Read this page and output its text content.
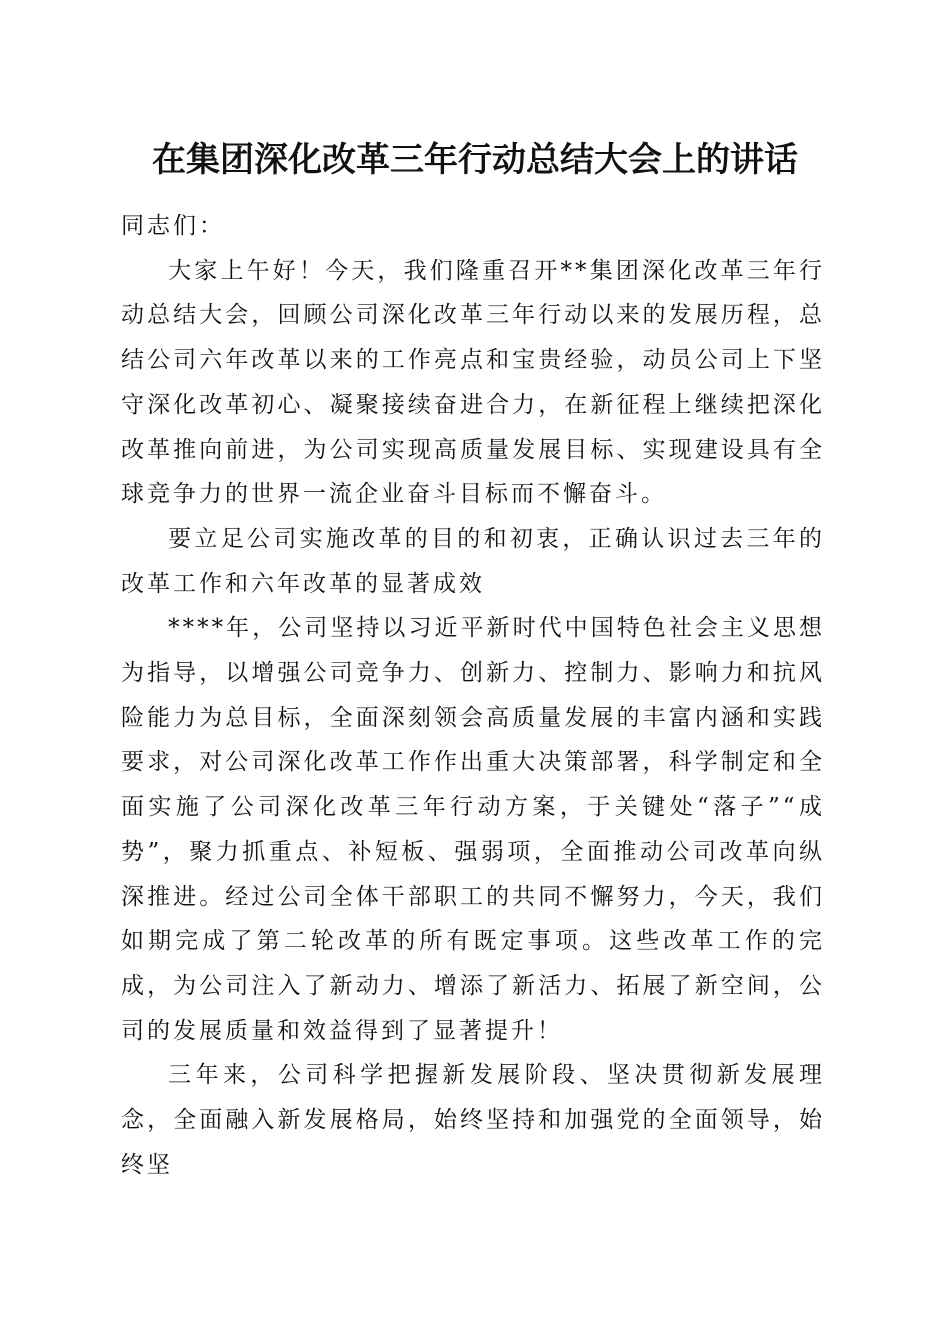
在集团深化改革三年行动总结大会上的讲话

同志们：

大家上午好！今天，我们隆重召开**集团深化改革三年行动总结大会，回顾公司深化改革三年行动以来的发展历程，总结公司六年改革以来的工作亮点和宝贵经验，动员公司上下坚守深化改革初心、凝聚接续奋进合力，在新征程上继续把深化改革推向前进，为公司实现高质量发展目标、实现建设具有全球竞争力的世界一流企业奋斗目标而不懈奋斗。

要立足公司实施改革的目的和初衷，正确认识过去三年的改革工作和六年改革的显著成效

****年，公司坚持以习近平新时代中国特色社会主义思想为指导，以增强公司竞争力、创新力、控制力、影响力和抗风险能力为总目标，全面深刻领会高质量发展的丰富内涵和实践要求，对公司深化改革工作作出重大决策部署，科学制定和全面实施了公司深化改革三年行动方案，于关键处“落子”“成势”，聚力抓重点、补短板、强弱项，全面推动公司改革向纵深推进。经过公司全体干部职工的共同不懈努力，今天，我们如期完成了第二轮改革的所有既定事项。这些改革工作的完成，为公司注入了新动力、增添了新活力、拓展了新空间，公司的发展质量和效益得到了显著提升！

三年来，公司科学把握新发展阶段、坚决贯彻新发展理念，全面融入新发展格局，始终坚持和加强党的全面领导，始终坚
